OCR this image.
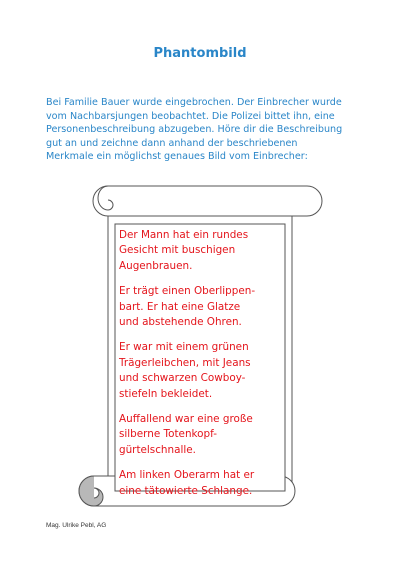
Phantombild

Bei Familie Bauer wurde eingebrochen. Der Einbrecher wurde
vom Nachbarsjungen beobachtet. Die Polizei bittet ihn, eine
Personenbeschreibung abzugeben. Höre dir die Beschreibung
gut an und zeichne dann anhand der beschriebenen
Merkmale ein möglichst genaues Bild vom Einbrecher:

Der Mann hat ein rundes
Gesicht mit buschigen
Augenbrauen.

Er trägt einen Oberlippen-
bart. Er hat eine Glatze
und abstehende Ohren.

Er war mit einem grünen
Trägerleibchen, mit Jeans
und schwarzen Cowboy-
stiefeln bekleidet.

Auffallend war eine große
silberne Totenkopf-
gürtelschnalle.

Am linken Oberarm hat er
eine tätowierte Schlange.

Mag. Ulrike Pebl, AG
